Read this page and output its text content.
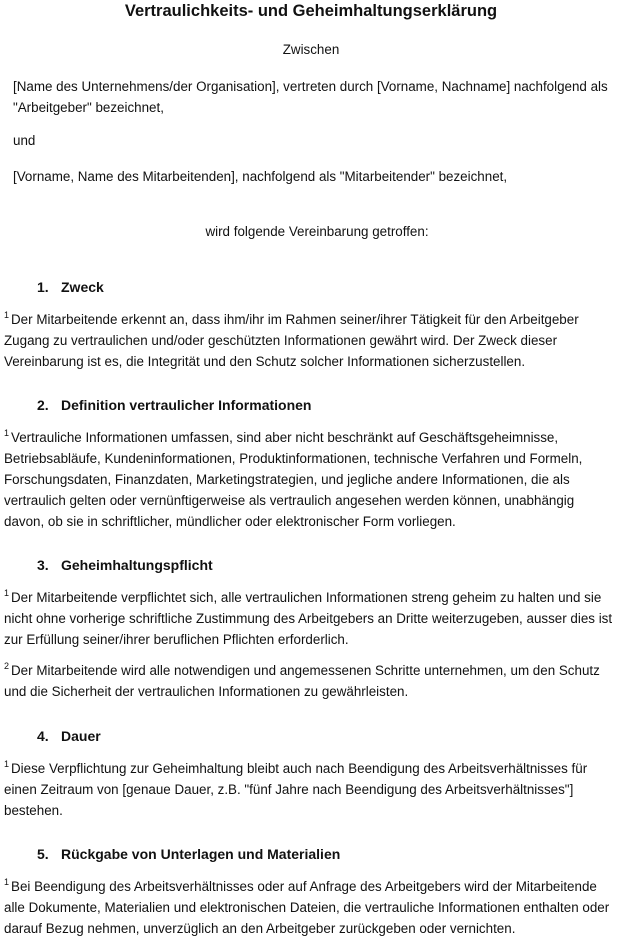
Vertraulichkeits- und Geheimhaltungserklärung

Zwischen

[Name des Unternehmens/der Organisation], vertreten durch [Vorname, Nachname] nachfolgend als "Arbeitgeber" bezeichnet,

und

[Vorname, Name des Mitarbeitenden], nachfolgend als "Mitarbeitender" bezeichnet,

wird folgende Vereinbarung getroffen:

1. Zweck

$^1$ Der Mitarbeitende erkennt an, dass ihm/ihr im Rahmen seiner/ihrer Tätigkeit für den Arbeitgeber Zugang zu vertraulichen und/oder geschützten Informationen gewährt wird. Der Zweck dieser Vereinbarung ist es, die Integrität und den Schutz solcher Informationen sicherzustellen.

2. Definition vertraulicher Informationen

$^1$ Vertrauliche Informationen umfassen, sind aber nicht beschränkt auf Geschäftsgeheimnisse, Betriebsabläufe, Kundeninformationen, Produktinformationen, technische Verfahren und Formeln, Forschungsdaten, Finanzdaten, Marketingstrategien, und jegliche andere Informationen, die als vertraulich gelten oder vernünftigerweise als vertraulich angesehen werden können, unabhängig davon, ob sie in schriftlicher, mündlicher oder elektronischer Form vorliegen.

3. Geheimhaltungspflicht

$^1$ Der Mitarbeitende verpflichtet sich, alle vertraulichen Informationen streng geheim zu halten und sie nicht ohne vorherige schriftliche Zustimmung des Arbeitgebers an Dritte weiterzugeben, ausser dies ist zur Erfüllung seiner/ihrer beruflichen Pflichten erforderlich.

$^2$ Der Mitarbeitende wird alle notwendigen und angemessenen Schritte unternehmen, um den Schutz und die Sicherheit der vertraulichen Informationen zu gewährleisten.

4. Dauer

$^1$ Diese Verpflichtung zur Geheimhaltung bleibt auch nach Beendigung des Arbeitsverhältnisses für einen Zeitraum von [genaue Dauer, z.B. "fünf Jahre nach Beendigung des Arbeitsverhältnisses"] bestehen.

5. Rückgabe von Unterlagen und Materialien

$^1$ Bei Beendigung des Arbeitsverhältnisses oder auf Anfrage des Arbeitgebers wird der Mitarbeitende alle Dokumente, Materialien und elektronischen Dateien, die vertrauliche Informationen enthalten oder darauf Bezug nehmen, unverzüglich an den Arbeitgeber zurückgeben oder vernichten.
